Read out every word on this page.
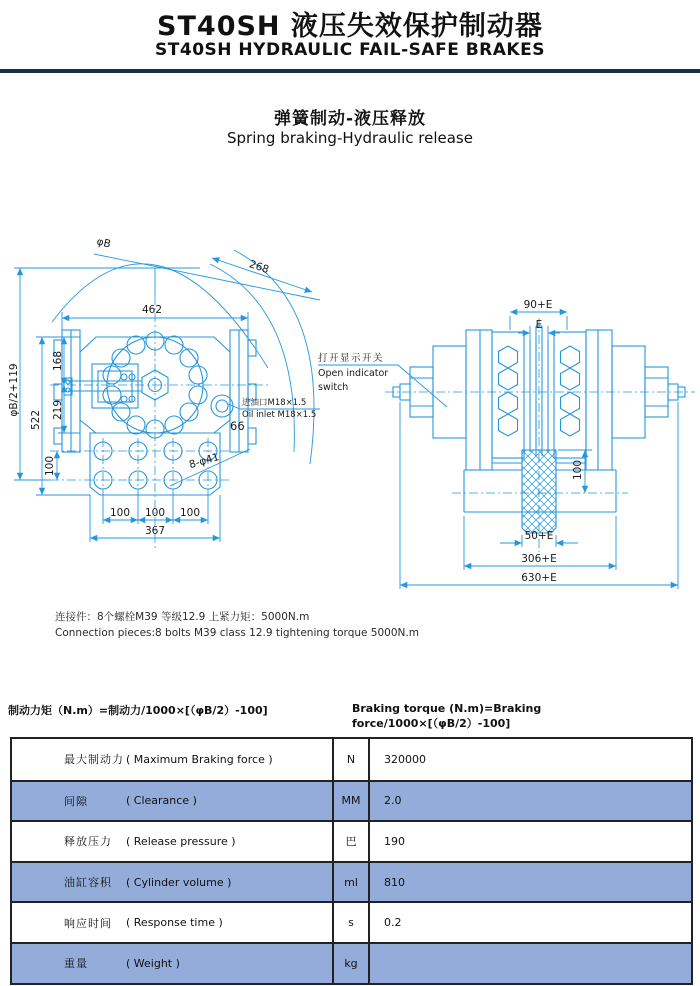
ST40SH 液压失效保护制动器
ST40SH HYDRAULIC FAIL-SAFE BRAKES
弹簧制动-液压释放
Spring braking-Hydraulic release
φB
268
462
φB/2+119
522
168
219
100	8-φ41
进油口M18×1.5
Oil inlet M18×1.5
66
100 100 100
367
90+E
E
打开显示开关
Open indicator
switch
100
50+E
306+E
630+E
连接件：8个螺栓M39 等级12.9 上紧力矩：5000N.m
Connection pieces:8 bolts M39 class 12.9 tightening torque 5000N.m
制动力矩（N.m）=制动力/1000×[（φB/2）-100]	Braking torque (N.m)=Braking force/1000×[（φB/2）-100]
最大制动力 ( Maximum Braking force )	N	320000
间隙	( Clearance )	MM	2.0
释放压力	( Release pressure )	巴	190
油缸容积	( Cylinder volume )	ml	810
响应时间	( Response time )	s	0.2
重量	( Weight )	kg
